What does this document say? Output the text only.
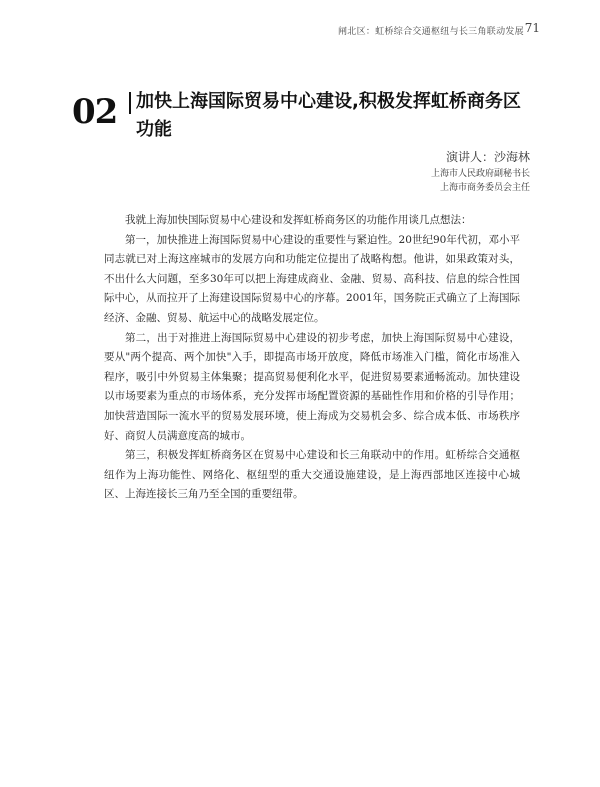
闸北区：虹桥综合交通枢纽与长三角联动发展 71
02 加快上海国际贸易中心建设,积极发挥虹桥商务区功能
演讲人：沙海林
上海市人民政府副秘书长
上海市商务委员会主任

我就上海加快国际贸易中心建设和发挥虹桥商务区的功能作用谈几点想法：

第一，加快推进上海国际贸易中心建设的重要性与紧迫性。20世纪90年代初，邓小平同志就已对上海这座城市的发展方向和功能定位提出了战略构想。他讲，如果政策对头，不出什么大问题，至多30年可以把上海建成商业、金融、贸易、高科技、信息的综合性国际中心，从而拉开了上海建设国际贸易中心的序幕。2001年，国务院正式确立了上海国际经济、金融、贸易、航运中心的战略发展定位。

第二，出于对推进上海国际贸易中心建设的初步考虑，加快上海国际贸易中心建设，要从"两个提高、两个加快"入手，即提高市场开放度，降低市场准入门槛，简化市场准入程序，吸引中外贸易主体集聚；提高贸易便利化水平，促进贸易要素通畅流动。加快建设以市场要素为重点的市场体系，充分发挥市场配置资源的基础性作用和价格的引导作用；加快营造国际一流水平的贸易发展环境，使上海成为交易机会多、综合成本低、市场秩序好、商贸人员满意度高的城市。

第三，积极发挥虹桥商务区在贸易中心建设和长三角联动中的作用。虹桥综合交通枢纽作为上海功能性、网络化、枢纽型的重大交通设施建设，是上海西部地区连接中心城区、上海连接长三角乃至全国的重要纽带。
